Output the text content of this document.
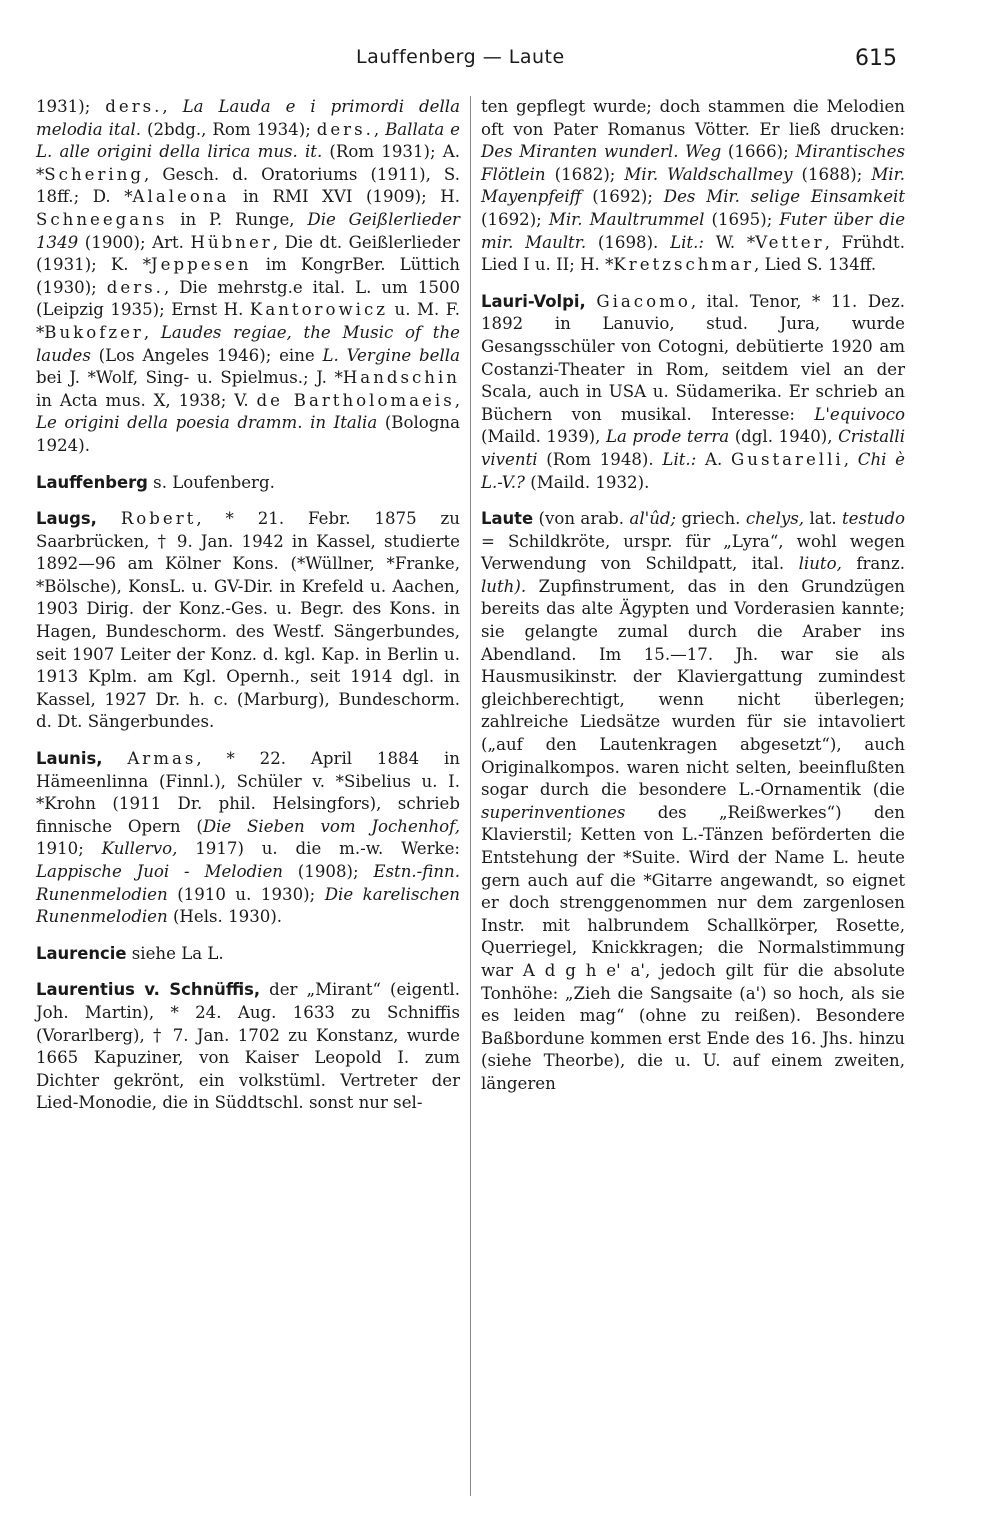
Lauffenberg — Laute	615

1931); ders., La Lauda e i primordi della melodia ital. (2bdg., Rom 1934); ders., Ballata e L. alle origini della lirica mus. it. (Rom 1931); A. *Schering, Gesch. d. Oratoriums (1911), S. 18ff.; D. *Alaleona in RMI XVI (1909); H. Schneegans in P. Runge, Die Geißlerlieder 1349 (1900); Art. Hübner, Die dt. Geißlerlieder (1931); K. *Jeppesen im KongrBer. Lüttich (1930); ders., Die mehrstg.e ital. L. um 1500 (Leipzig 1935); Ernst H. Kantorowicz u. M. F. *Bukofzer, Laudes regiae, the Music of the laudes (Los Angeles 1946); eine L. Vergine bella bei J. *Wolf, Sing- u. Spielmus.; J. *Handschin in Acta mus. X, 1938; V. de Bartholomaeis, Le origini della poesia dramm. in Italia (Bologna 1924).

Lauffenberg s. Loufenberg.

Laugs, Robert, * 21. Febr. 1875 zu Saarbrücken, † 9. Jan. 1942 in Kassel, studierte 1892—96 am Kölner Kons. (*Wüllner, *Franke, *Bölsche), KonsL. u. GV-Dir. in Krefeld u. Aachen, 1903 Dirig. der Konz.-Ges. u. Begr. des Kons. in Hagen, Bundeschorm. des Westf. Sängerbundes, seit 1907 Leiter der Konz. d. kgl. Kap. in Berlin u. 1913 Kplm. am Kgl. Opernh., seit 1914 dgl. in Kassel, 1927 Dr. h. c. (Marburg), Bundeschorm. d. Dt. Sängerbundes.

Launis, Armas, * 22. April 1884 in Hämeenlinna (Finnl.), Schüler v. *Sibelius u. I. *Krohn (1911 Dr. phil. Helsingfors), schrieb finnische Opern (Die Sieben vom Jochenhof, 1910; Kullervo, 1917) u. die m.-w. Werke: Lappische Juoi - Melodien (1908); Estn.-finn. Runenmelodien (1910 u. 1930); Die karelischen Runenmelodien (Hels. 1930).

Laurencie siehe La L.

Laurentius v. Schnüffis, der „Mirant“ (eigentl. Joh. Martin), * 24. Aug. 1633 zu Schniffis (Vorarlberg), † 7. Jan. 1702 zu Konstanz, wurde 1665 Kapuziner, von Kaiser Leopold I. zum Dichter gekrönt, ein volkstüml. Vertreter der Lied-Monodie, die in Süddtschl. sonst nur sel-

ten gepflegt wurde; doch stammen die Melodien oft von Pater Romanus Vötter. Er ließ drucken: Des Miranten wunderl. Weg (1666); Mirantisches Flötlein (1682); Mir. Waldschallmey (1688); Mir. Mayenpfeiff (1692); Des Mir. selige Einsamkeit (1692); Mir. Maultrummel (1695); Futer über die mir. Maultr. (1698). Lit.: W. *Vetter, Frühdt. Lied I u. II; H. *Kretzschmar, Lied S. 134ff.

Lauri-Volpi, Giacomo, ital. Tenor, * 11. Dez. 1892 in Lanuvio, stud. Jura, wurde Gesangsschüler von Cotogni, debütierte 1920 am Costanzi-Theater in Rom, seitdem viel an der Scala, auch in USA u. Südamerika. Er schrieb an Büchern von musikal. Interesse: L'equivoco (Maild. 1939), La prode terra (dgl. 1940), Cristalli viventi (Rom 1948). Lit.: A. Gustarelli, Chi è L.-V.? (Maild. 1932).

Laute (von arab. al'ûd; griech. chelys, lat. testudo = Schildkröte, urspr. für „Lyra“, wohl wegen Verwendung von Schildpatt, ital. liuto, franz. luth). Zupfinstrument, das in den Grundzügen bereits das alte Ägypten und Vorderasien kannte; sie gelangte zumal durch die Araber ins Abendland. Im 15.—17. Jh. war sie als Hausmusikinstr. der Klaviergattung zumindest gleichberechtigt, wenn nicht überlegen; zahlreiche Liedsätze wurden für sie intavoliert („auf den Lautenkragen abgesetzt“), auch Originalkompos. waren nicht selten, beeinflußten sogar durch die besondere L.-Ornamentik (die superinventiones des „Reißwerkes“) den Klavierstil; Ketten von L.-Tänzen beförderten die Entstehung der *Suite. Wird der Name L. heute gern auch auf die *Gitarre angewandt, so eignet er doch strenggenommen nur dem zargenlosen Instr. mit halbrundem Schallkörper, Rosette, Querriegel, Knickkragen; die Normalstimmung war A d g h e' a', jedoch gilt für die absolute Tonhöhe: „Zieh die Sangsaite (a') so hoch, als sie es leiden mag“ (ohne zu reißen). Besondere Baßbordune kommen erst Ende des 16. Jhs. hinzu (siehe Theorbe), die u. U. auf einem zweiten, längeren
